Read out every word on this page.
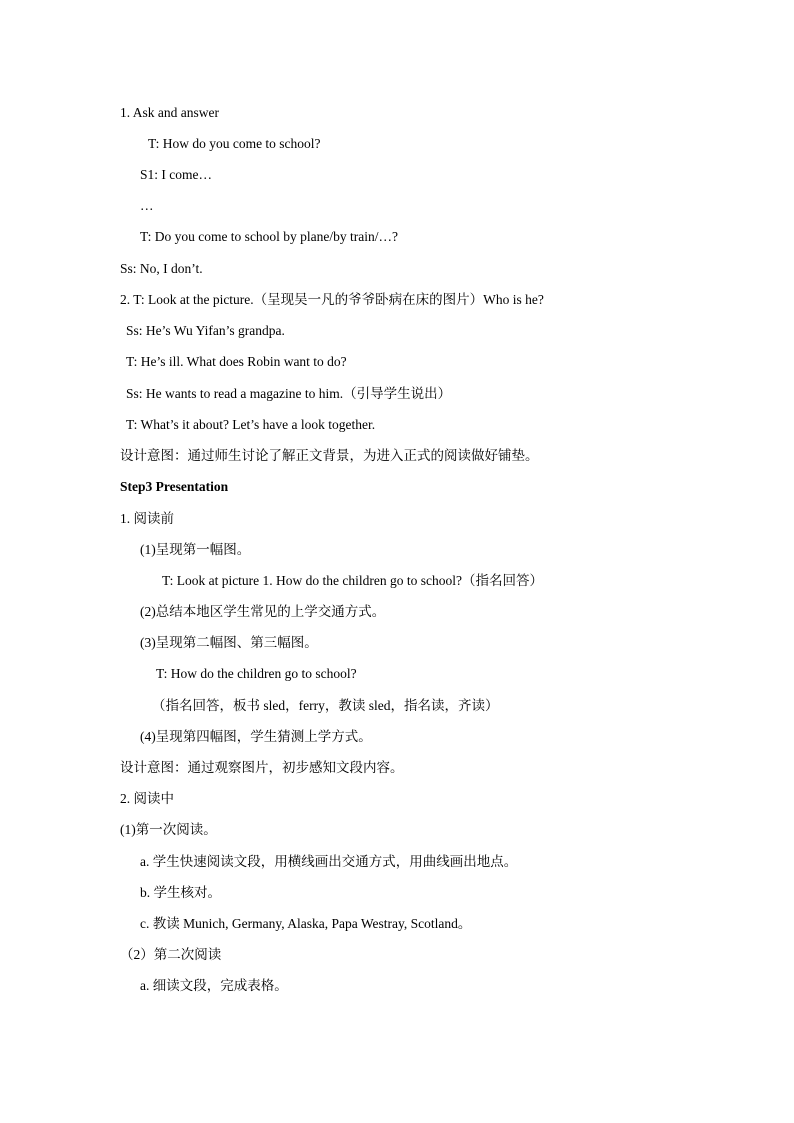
1. Ask and answer
T: How do you come to school?
S1: I come…
…
T: Do you come to school by plane/by train/…?
Ss: No, I don’t.
2. T: Look at the picture.（呈现吴一凡的爷爷卧病在床的图片）Who is he?
Ss: He’s Wu Yifan’s grandpa.
T: He’s ill. What does Robin want to do?
Ss: He wants to read a magazine to him.（引导学生说出）
T: What’s it about? Let’s have a look together.
设计意图：通过师生讨论了解正文背景，为进入正式的阅读做好铺垫。
Step3 Presentation
1. 阅读前
(1)呈现第一幅图。
T: Look at picture 1. How do the children go to school?（指名回答）
(2)总结本地区学生常见的上学交通方式。
(3)呈现第二幅图、第三幅图。
T: How do the children go to school?
（指名回答，板书 sled，ferry，教读 sled，指名读，齐读）
(4)呈现第四幅图，学生猜测上学方式。
设计意图：通过观察图片，初步感知文段内容。
2. 阅读中
(1)第一次阅读。
a. 学生快速阅读文段，用横线画出交通方式，用曲线画出地点。
b. 学生核对。
c. 教读 Munich, Germany, Alaska, Papa Westray, Scotland。
（2）第二次阅读
a. 细读文段，完成表格。
